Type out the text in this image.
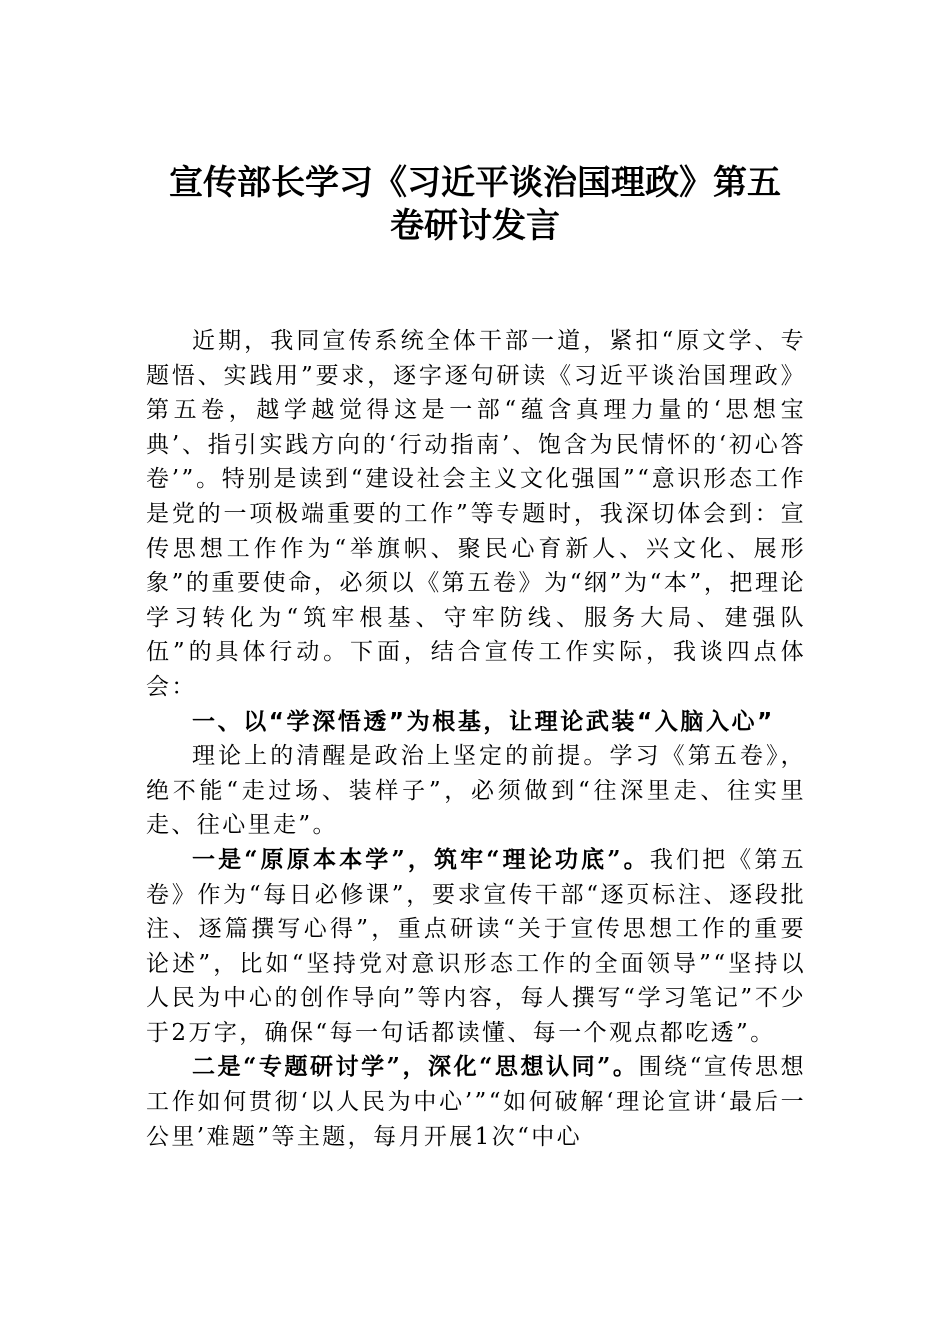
宣传部长学习《习近平谈治国理政》第五
卷研讨发言

近期，我同宣传系统全体干部一道，紧扣“原文学、专题悟、实践用”要求，逐字逐句研读《习近平谈治国理政》第五卷，越学越觉得这是一部“蕴含真理力量的‘思想宝典’、指引实践方向的‘行动指南’、饱含为民情怀的‘初心答卷’”。特别是读到“建设社会主义文化强国”“意识形态工作是党的一项极端重要的工作”等专题时，我深切体会到：宣传思想工作作为“举旗帜、聚民心育新人、兴文化、展形象”的重要使命，必须以《第五卷》为“纲”为“本”，把理论学习转化为“筑牢根基、守牢防线、服务大局、建强队伍”的具体行动。下面，结合宣传工作实际，我谈四点体会：

一、以“学深悟透”为根基，让理论武装“入脑入心”

理论上的清醒是政治上坚定的前提。学习《第五卷》，绝不能“走过场、装样子”，必须做到“往深里走、往实里走、往心里走”。

一是“原原本本学”，筑牢“理论功底”。我们把《第五卷》作为“每日必修课”，要求宣传干部“逐页标注、逐段批注、逐篇撰写心得”，重点研读“关于宣传思想工作的重要论述”，比如“坚持党对意识形态工作的全面领导”“坚持以人民为中心的创作导向”等内容，每人撰写“学习笔记”不少于2万字，确保“每一句话都读懂、每一个观点都吃透”。

二是“专题研讨学”，深化“思想认同”。围绕“宣传思想工作如何贯彻‘以人民为中心’”“如何破解‘理论宣讲‘最后一公里’难题”等主题，每月开展1次“中心
